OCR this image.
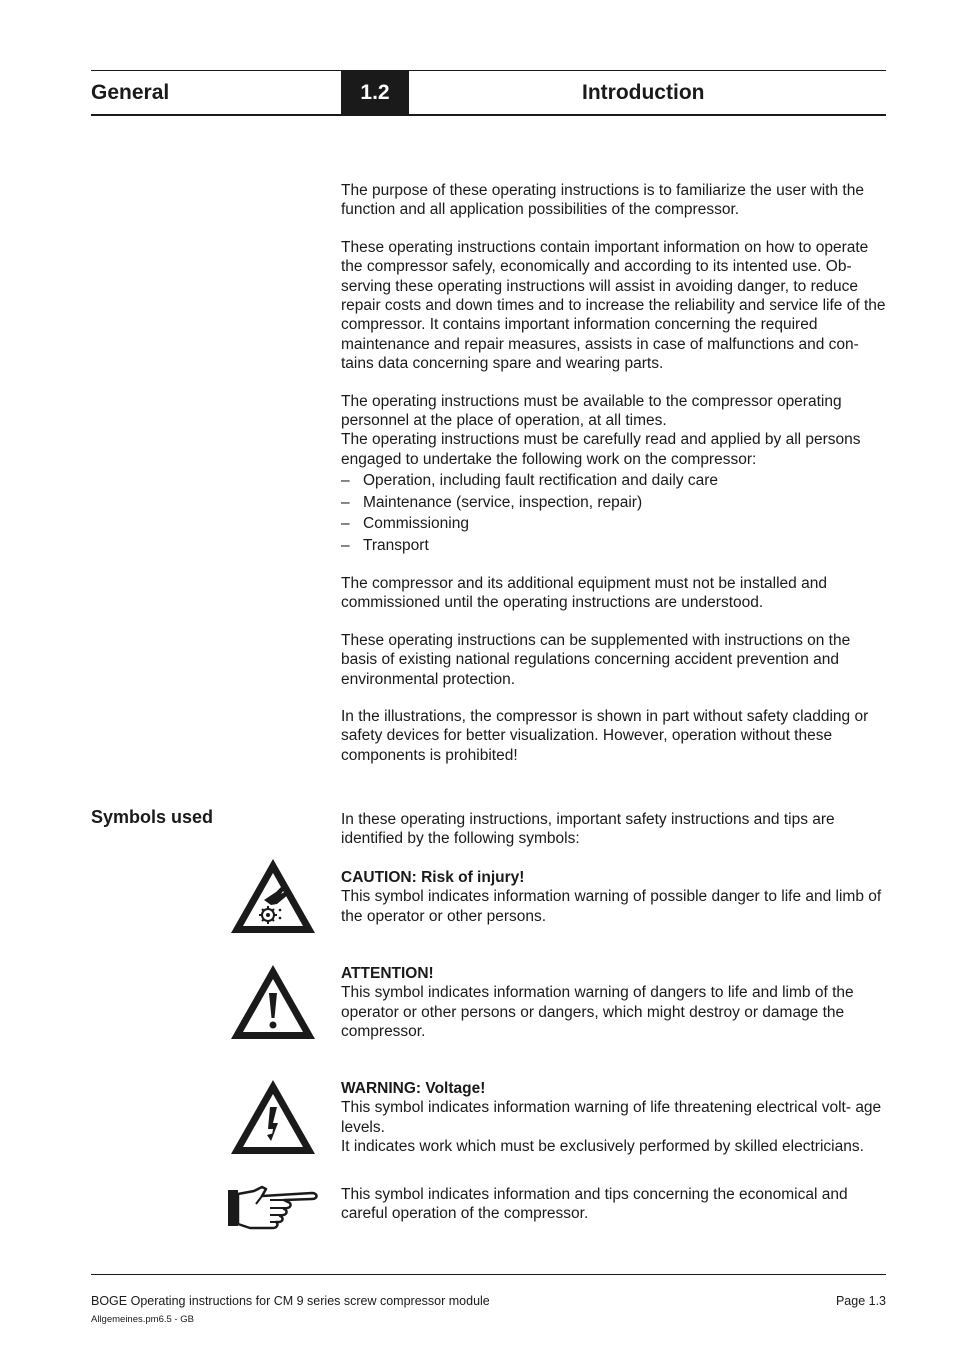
General	1.2	Introduction

The purpose of these operating instructions is to familiarize the user with the function and all application possibilities of the compressor.

These operating instructions contain important information on how to operate the compressor safely, economically and according to its intented use. Ob- serving these operating instructions will assist in avoiding danger, to reduce repair costs and down times and to increase the reliability and service life of the compressor. It contains important information concerning the required maintenance and repair measures, assists in case of malfunctions and con- tains data concerning spare and wearing parts.

The operating instructions must be available to the compressor operating personnel at the place of operation, at all times.

The operating instructions must be carefully read and applied by all persons engaged to undertake the following work on the compressor:

– Operation, including fault rectification and daily care
– Maintenance (service, inspection, repair)
– Commissioning
– Transport

The compressor and its additional equipment must not be installed and commissioned until the operating instructions are understood.

These operating instructions can be supplemented with instructions on the basis of existing national regulations concerning accident prevention and environmental protection.

In the illustrations, the compressor is shown in part without safety cladding or safety devices for better visualization. However, operation without these components is prohibited!

Symbols used	In these operating instructions, important safety instructions and tips are identified by the following symbols:
CAUTION: Risk of injury!
This symbol indicates information warning of possible danger to life and limb of the operator or other persons.
ATTENTION!
This symbol indicates information warning of dangers to life and limb of the operator or other persons or dangers, which might destroy or damage the compressor.
WARNING: Voltage!
This symbol indicates information warning of life threatening electrical volt- age levels.
It indicates work which must be exclusively performed by skilled electricians.
This symbol indicates information and tips concerning the economical and careful operation of the compressor.
BOGE Operating instructions for CM 9 series screw compressor module	Page 1.3
Allgemeines.pm6.5 - GB
